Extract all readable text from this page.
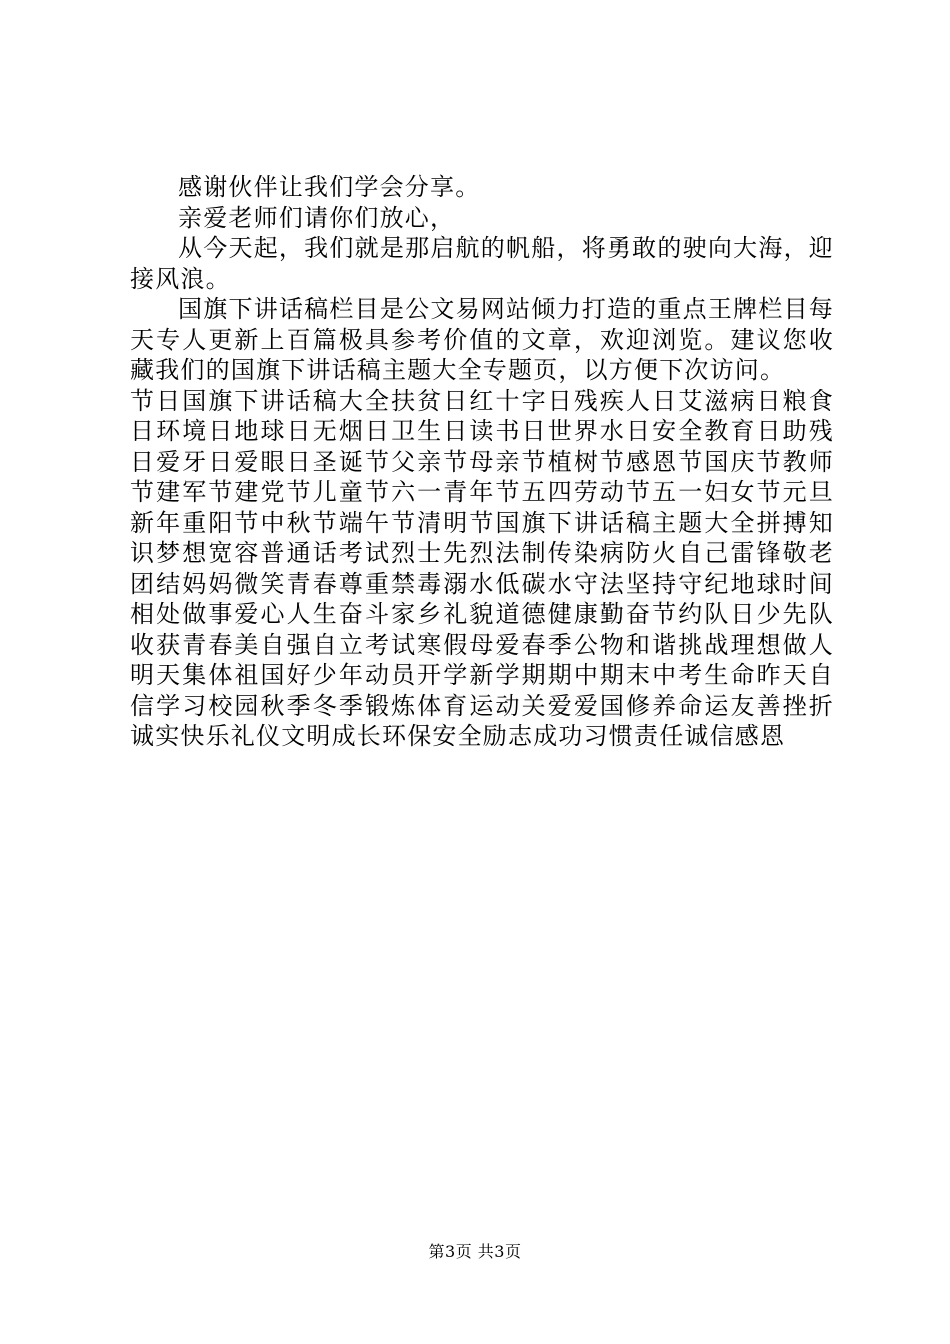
感谢伙伴让我们学会分享。

亲爱老师们请你们放心，

从今天起，我们就是那启航的帆船，将勇敢的驶向大海，迎接风浪。

国旗下讲话稿栏目是公文易网站倾力打造的重点王牌栏目每天专人更新上百篇极具参考价值的文章，欢迎浏览。建议您收藏我们的国旗下讲话稿主题大全专题页，以方便下次访问。

节日国旗下讲话稿大全扶贫日红十字日残疾人日艾滋病日粮食日环境日地球日无烟日卫生日读书日世界水日安全教育日助残日爱牙日爱眼日圣诞节父亲节母亲节植树节感恩节国庆节教师节建军节建党节儿童节六一青年节五四劳动节五一妇女节元旦新年重阳节中秋节端午节清明节国旗下讲话稿主题大全拼搏知识梦想宽容普通话考试烈士先烈法制传染病防火自己雷锋敬老团结妈妈微笑青春尊重禁毒溺水低碳水守法坚持守纪地球时间相处做事爱心人生奋斗家乡礼貌道德健康勤奋节约队日少先队收获青春美自强自立考试寒假母爱春季公物和谐挑战理想做人明天集体祖国好少年动员开学新学期期中期末中考生命昨天自信学习校园秋季冬季锻炼体育运动关爱爱国修养命运友善挫折诚实快乐礼仪文明成长环保安全励志成功习惯责任诚信感恩

第3页 共3页
